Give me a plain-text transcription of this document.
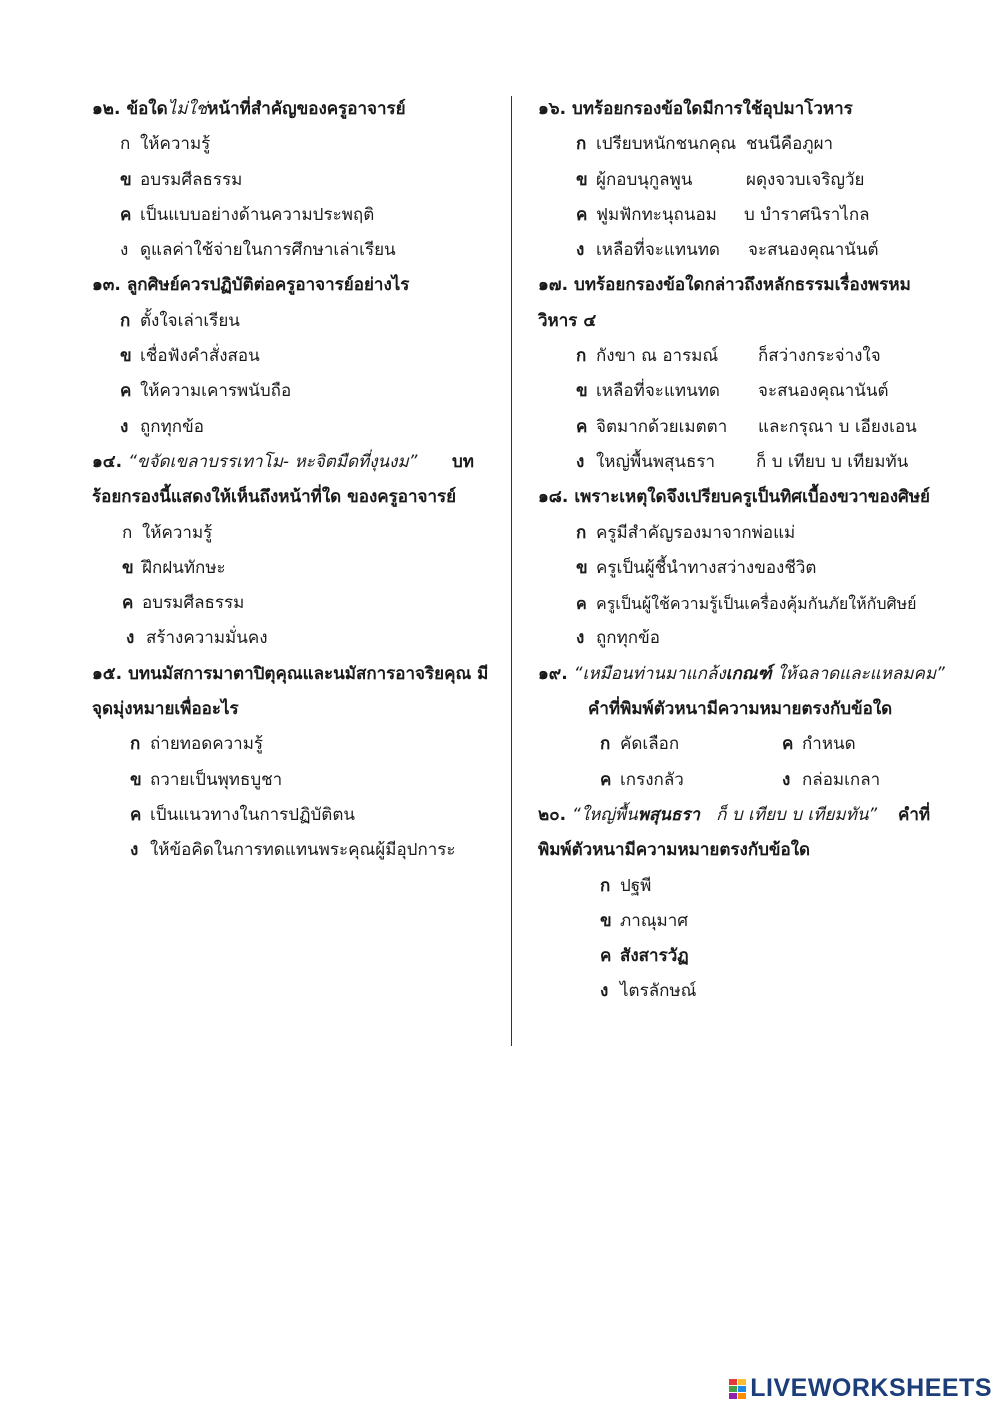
๑๒. ข้อใดไม่ใช่หน้าที่สำคัญของครูอาจารย์
ก ให้ความรู้
ข อบรมศีลธรรม
ค เป็นแบบอย่างด้านความประพฤติ
ง ดูแลค่าใช้จ่ายในการศึกษาเล่าเรียน
๑๓. ลูกศิษย์ควรปฏิบัติต่อครูอาจารย์อย่างไร
ก ตั้งใจเล่าเรียน
ข เชื่อฟังคำสั่งสอน
ค ให้ความเคารพนับถือ
ง ถูกทุกข้อ
๑๔. “ขจัดเขลาบรรเทาโม- หะจิตมืดที่งุนงม” บท
ร้อยกรองนี้แสดงให้เห็นถึงหน้าที่ใด ของครูอาจารย์
ก ให้ความรู้
ข ฝึกฝนทักษะ
ค อบรมศีลธรรม
ง สร้างความมั่นคง
๑๕. บทนมัสการมาตาปิตุคุณและนมัสการอาจริยคุณ มี
จุดมุ่งหมายเพื่ออะไร
ก ถ่ายทอดความรู้
ข ถวายเป็นพุทธบูชา
ค เป็นแนวทางในการปฏิบัติตน
ง ให้ข้อคิดในการทดแทนพระคุณผู้มีอุปการะ
๑๖. บทร้อยกรองข้อใดมีการใช้อุปมาโวหาร
ก เปรียบหนักชนกคุณ ชนนีคือภูผา
ข ผู้กอบนุกูลพูน	ผดุงจวบเจริญวัย
ค ฟูมฟักทะนุถนอม บ บำราศนิราไกล
ง เหลือที่จะแทนทด จะสนองคุณานันต์
๑๗. บทร้อยกรองข้อใดกล่าวถึงหลักธรรมเรื่องพรหม
วิหาร ๔
ก กังขา ณ อารมณ์ ก็สว่างกระจ่างใจ
ข เหลือที่จะแทนทด จะสนองคุณานันต์
ค จิตมากด้วยเมตตา และกรุณา บ เอียงเอน
ง ใหญ่พื้นพสุนธรา ก็ บ เทียบ บ เทียมทัน
๑๘. เพราะเหตุใดจึงเปรียบครูเป็นทิศเบื้องขวาของศิษย์
ก ครูมีสำคัญรองมาจากพ่อแม่
ข ครูเป็นผู้ชี้นำทางสว่างของชีวิต
ค ครูเป็นผู้ใช้ความรู้เป็นเครื่องคุ้มกันภัยให้กับศิษย์
ง ถูกทุกข้อ
๑๙. “เหมือนท่านมาแกล้งเกณฑ์ ให้ฉลาดและแหลมคม”
คำที่พิมพ์ตัวหนามีความหมายตรงกับข้อใด
ก คัดเลือก	ค กำหนด
ค เกรงกลัว	ง กล่อมเกลา
๒๐. “ใหญ่พื้นพสุนธรา   ก็ บ เทียบ บ เทียมทัน” คำที่
พิมพ์ตัวหนามีความหมายตรงกับข้อใด
ก ปฐพี
ข ภาณุมาศ
ค สังสารวัฏ
ง ไตรลักษณ์
LIVEWORKSHEETS
